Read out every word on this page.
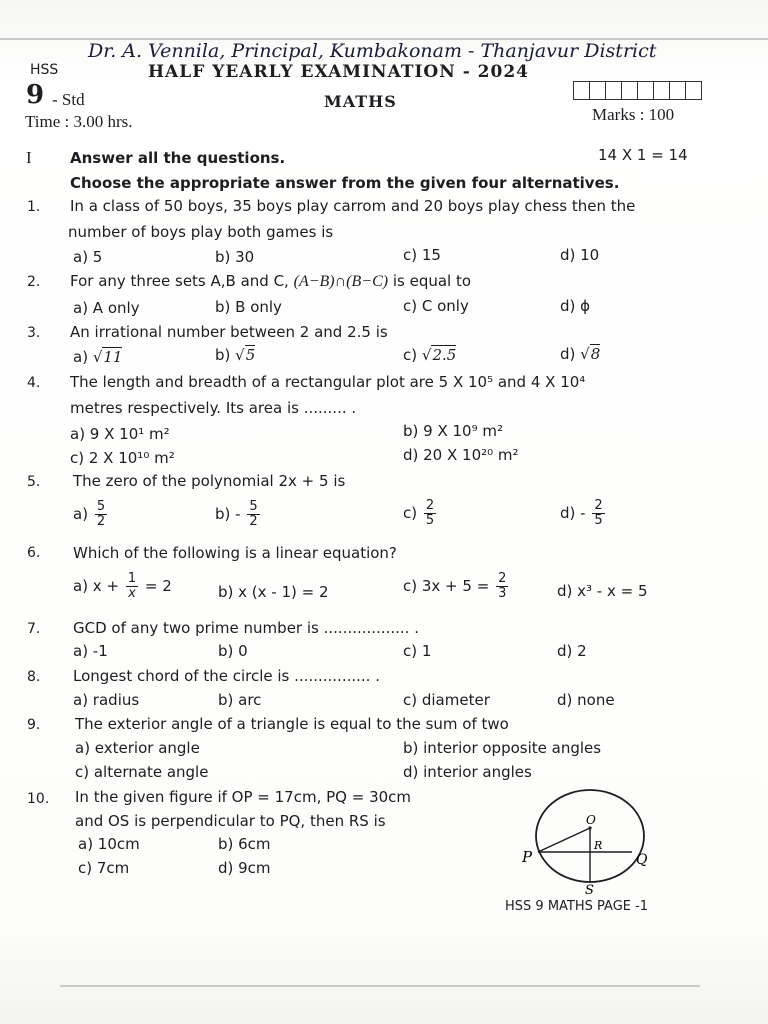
Dr. A. Vennila, Principal, Kumbakonam - Thanjavur District
HSS	HALF YEARLY EXAMINATION - 2024
9 - Std	MATHS
Time : 3.00 hrs.	Marks : 100
I	Answer all the questions.	14 X 1 = 14
Choose the appropriate answer from the given four alternatives.
1. In a class of 50 boys, 35 boys play carrom and 20 boys play chess then the
number of boys play both games is
a) 5	b) 30	c) 15	d) 10
2. For any three sets A,B and C, (A−B)∩(B−C) is equal to
a) A only	b) B only	c) C only	d) ϕ
3. An irrational number between 2 and 2.5 is
a) √11	b) √5	c) √2.5	d) √8
4. The length and breadth of a rectangular plot are 5 X 10⁵ and 4 X 10⁴
metres respectively. Its area is ......... .
a) 9 X 10¹ m²	b) 9 X 10⁹ m²
c) 2 X 10¹⁰ m²	d) 20 X 10²⁰ m²
5. The zero of the polynomial 2x + 5 is
$a) \frac{5}{2}$	$b) - \frac{5}{2}$	$c) \frac{2}{5}$	$d) - \frac{2}{5}$
6. Which of the following is a linear equation?
a) $x + \frac{1}{x} = 2$	b) x (x - 1) = 2	c) $3x + 5 = \frac{2}{3}$	d) x³ - x = 5
7. GCD of any two prime number is .................. .
a) -1	b) 0	c) 1	d) 2
8. Longest chord of the circle is ................ .
a) radius	b) arc	c) diameter	d) none
9. The exterior angle of a triangle is equal to the sum of two
a) exterior angle	b) interior opposite angles
c) alternate angle	d) interior angles
10. In the given figure if OP = 17cm, PQ = 30cm
and OS is perpendicular to PQ, then RS is
a) 10cm	b) 6cm
c) 7cm	d) 9cm
O
P	Q
R
S
HSS 9 MATHS PAGE -1
